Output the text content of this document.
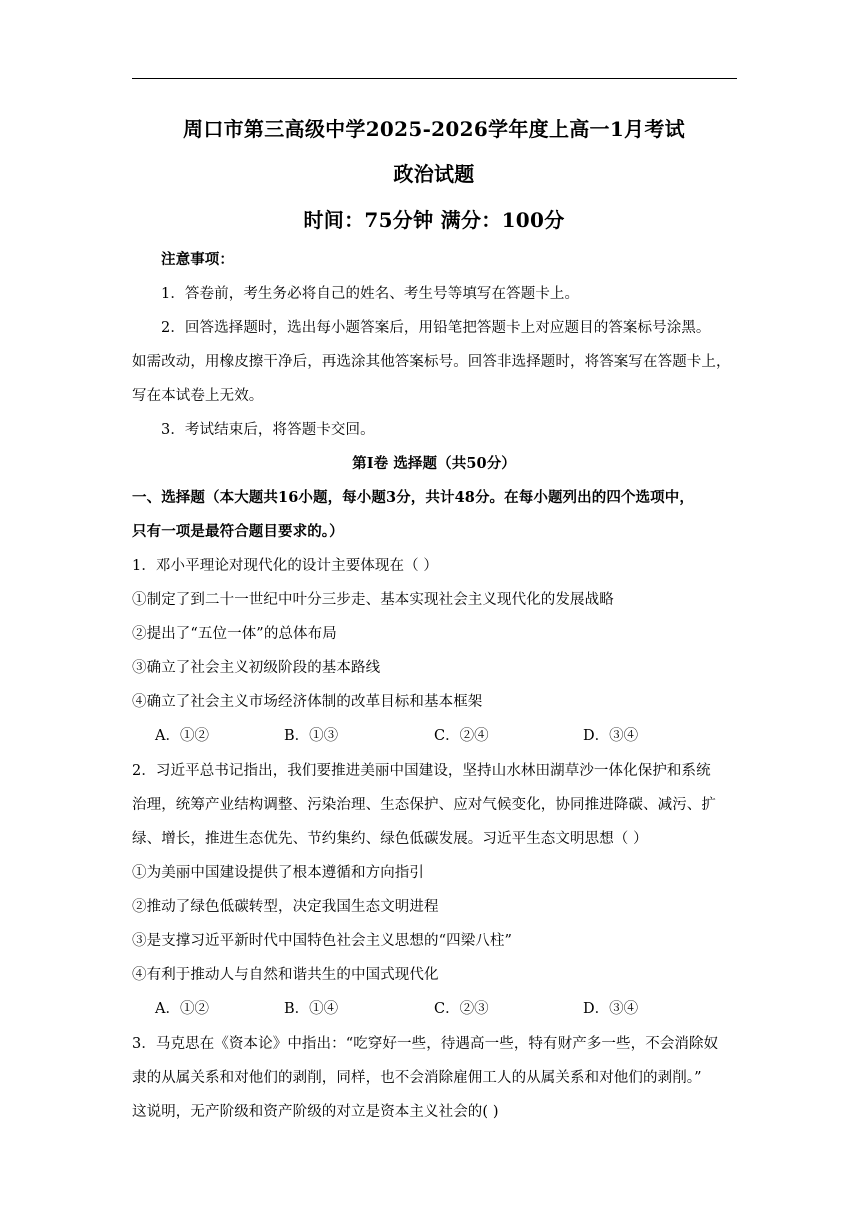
周口市第三高级中学2025-2026学年度上高一1月考试
政治试题
时间：75分钟 满分：100分
注意事项：
1．答卷前，考生务必将自己的姓名、考生号等填写在答题卡上。
2．回答选择题时，选出每小题答案后，用铅笔把答题卡上对应题目的答案标号涂黑。
如需改动，用橡皮擦干净后，再选涂其他答案标号。回答非选择题时，将答案写在答题卡上，
写在本试卷上无效。
3．考试结束后，将答题卡交回。
第Ⅰ卷 选择题（共50分）
一、选择题（本大题共16小题，每小题3分，共计48分。在每小题列出的四个选项中，
只有一项是最符合题目要求的。）
1．邓小平理论对现代化的设计主要体现在（ ）
①制定了到二十一世纪中叶分三步走、基本实现社会主义现代化的发展战略
②提出了“五位一体”的总体布局
③确立了社会主义初级阶段的基本路线
④确立了社会主义市场经济体制的改革目标和基本框架
A．①②	B．①③	C．②④	D．③④
2．习近平总书记指出，我们要推进美丽中国建设，坚持山水林田湖草沙一体化保护和系统
治理，统筹产业结构调整、污染治理、生态保护、应对气候变化，协同推进降碳、减污、扩
绿、增长，推进生态优先、节约集约、绿色低碳发展。习近平生态文明思想（ ）
①为美丽中国建设提供了根本遵循和方向指引
②推动了绿色低碳转型，决定我国生态文明进程
③是支撑习近平新时代中国特色社会主义思想的“四梁八柱”
④有利于推动人与自然和谐共生的中国式现代化
A．①②	B．①④	C．②③	D．③④
3．马克思在《资本论》中指出：“吃穿好一些，待遇高一些，特有财产多一些，不会消除奴
隶的从属关系和对他们的剥削，同样，也不会消除雇佣工人的从属关系和对他们的剥削。”
这说明，无产阶级和资产阶级的对立是资本主义社会的( )
